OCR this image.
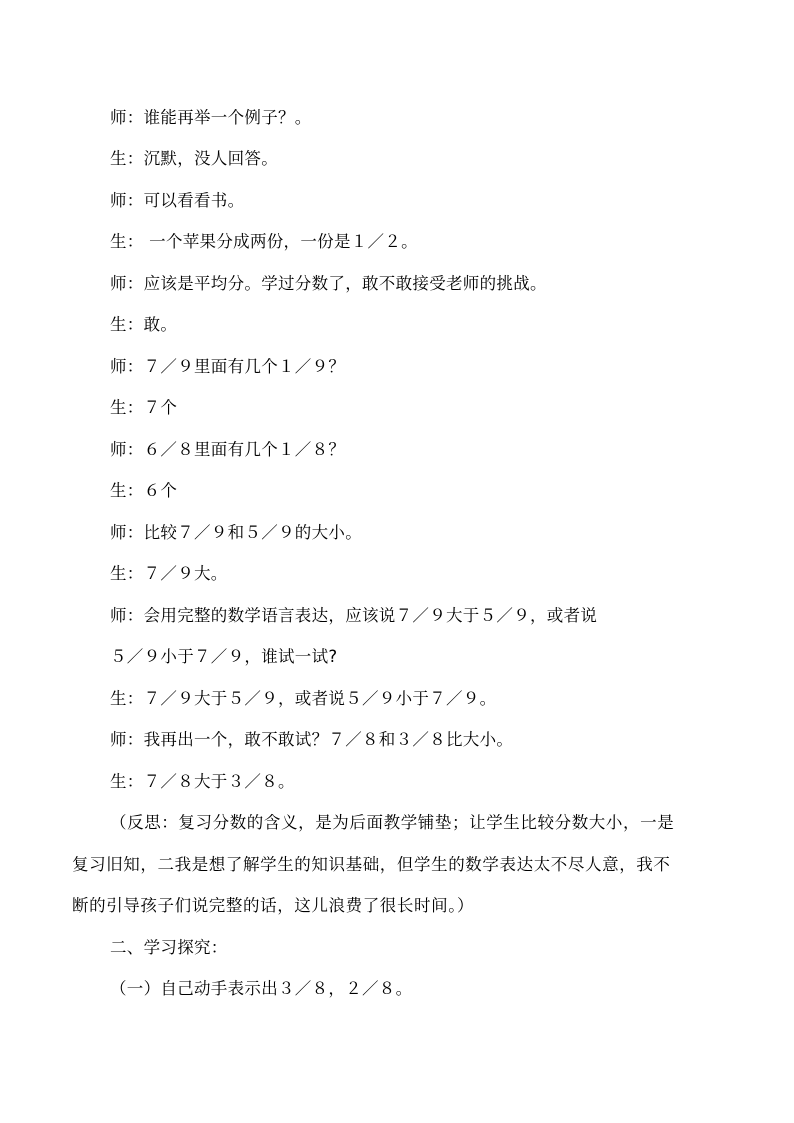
师：谁能再举一个例子？。
生：沉默，没人回答。
师：可以看看书。
生： 一个苹果分成两份，一份是１／２。
师：应该是平均分。学过分数了，敢不敢接受老师的挑战。
生：敢。
师：７／９里面有几个１／９？
生：７个
师：６／８里面有几个１／８？
生：６个
师：比较７／９和５／９的大小。
生：７／９大。
师：会用完整的数学语言表达，应该说７／９大于５／９，或者说
５／９小于７／９，谁试一试?
生：７／９大于５／９，或者说５／９小于７／９。
师：我再出一个，敢不敢试？７／８和３／８比大小。
生：７／８大于３／８。
（反思：复习分数的含义，是为后面教学铺垫；让学生比较分数大小，一是
复习旧知，二我是想了解学生的知识基础，但学生的数学表达太不尽人意，我不
断的引导孩子们说完整的话，这儿浪费了很长时间。）
二、学习探究：
（一）自己动手表示出３／８，２／８。
